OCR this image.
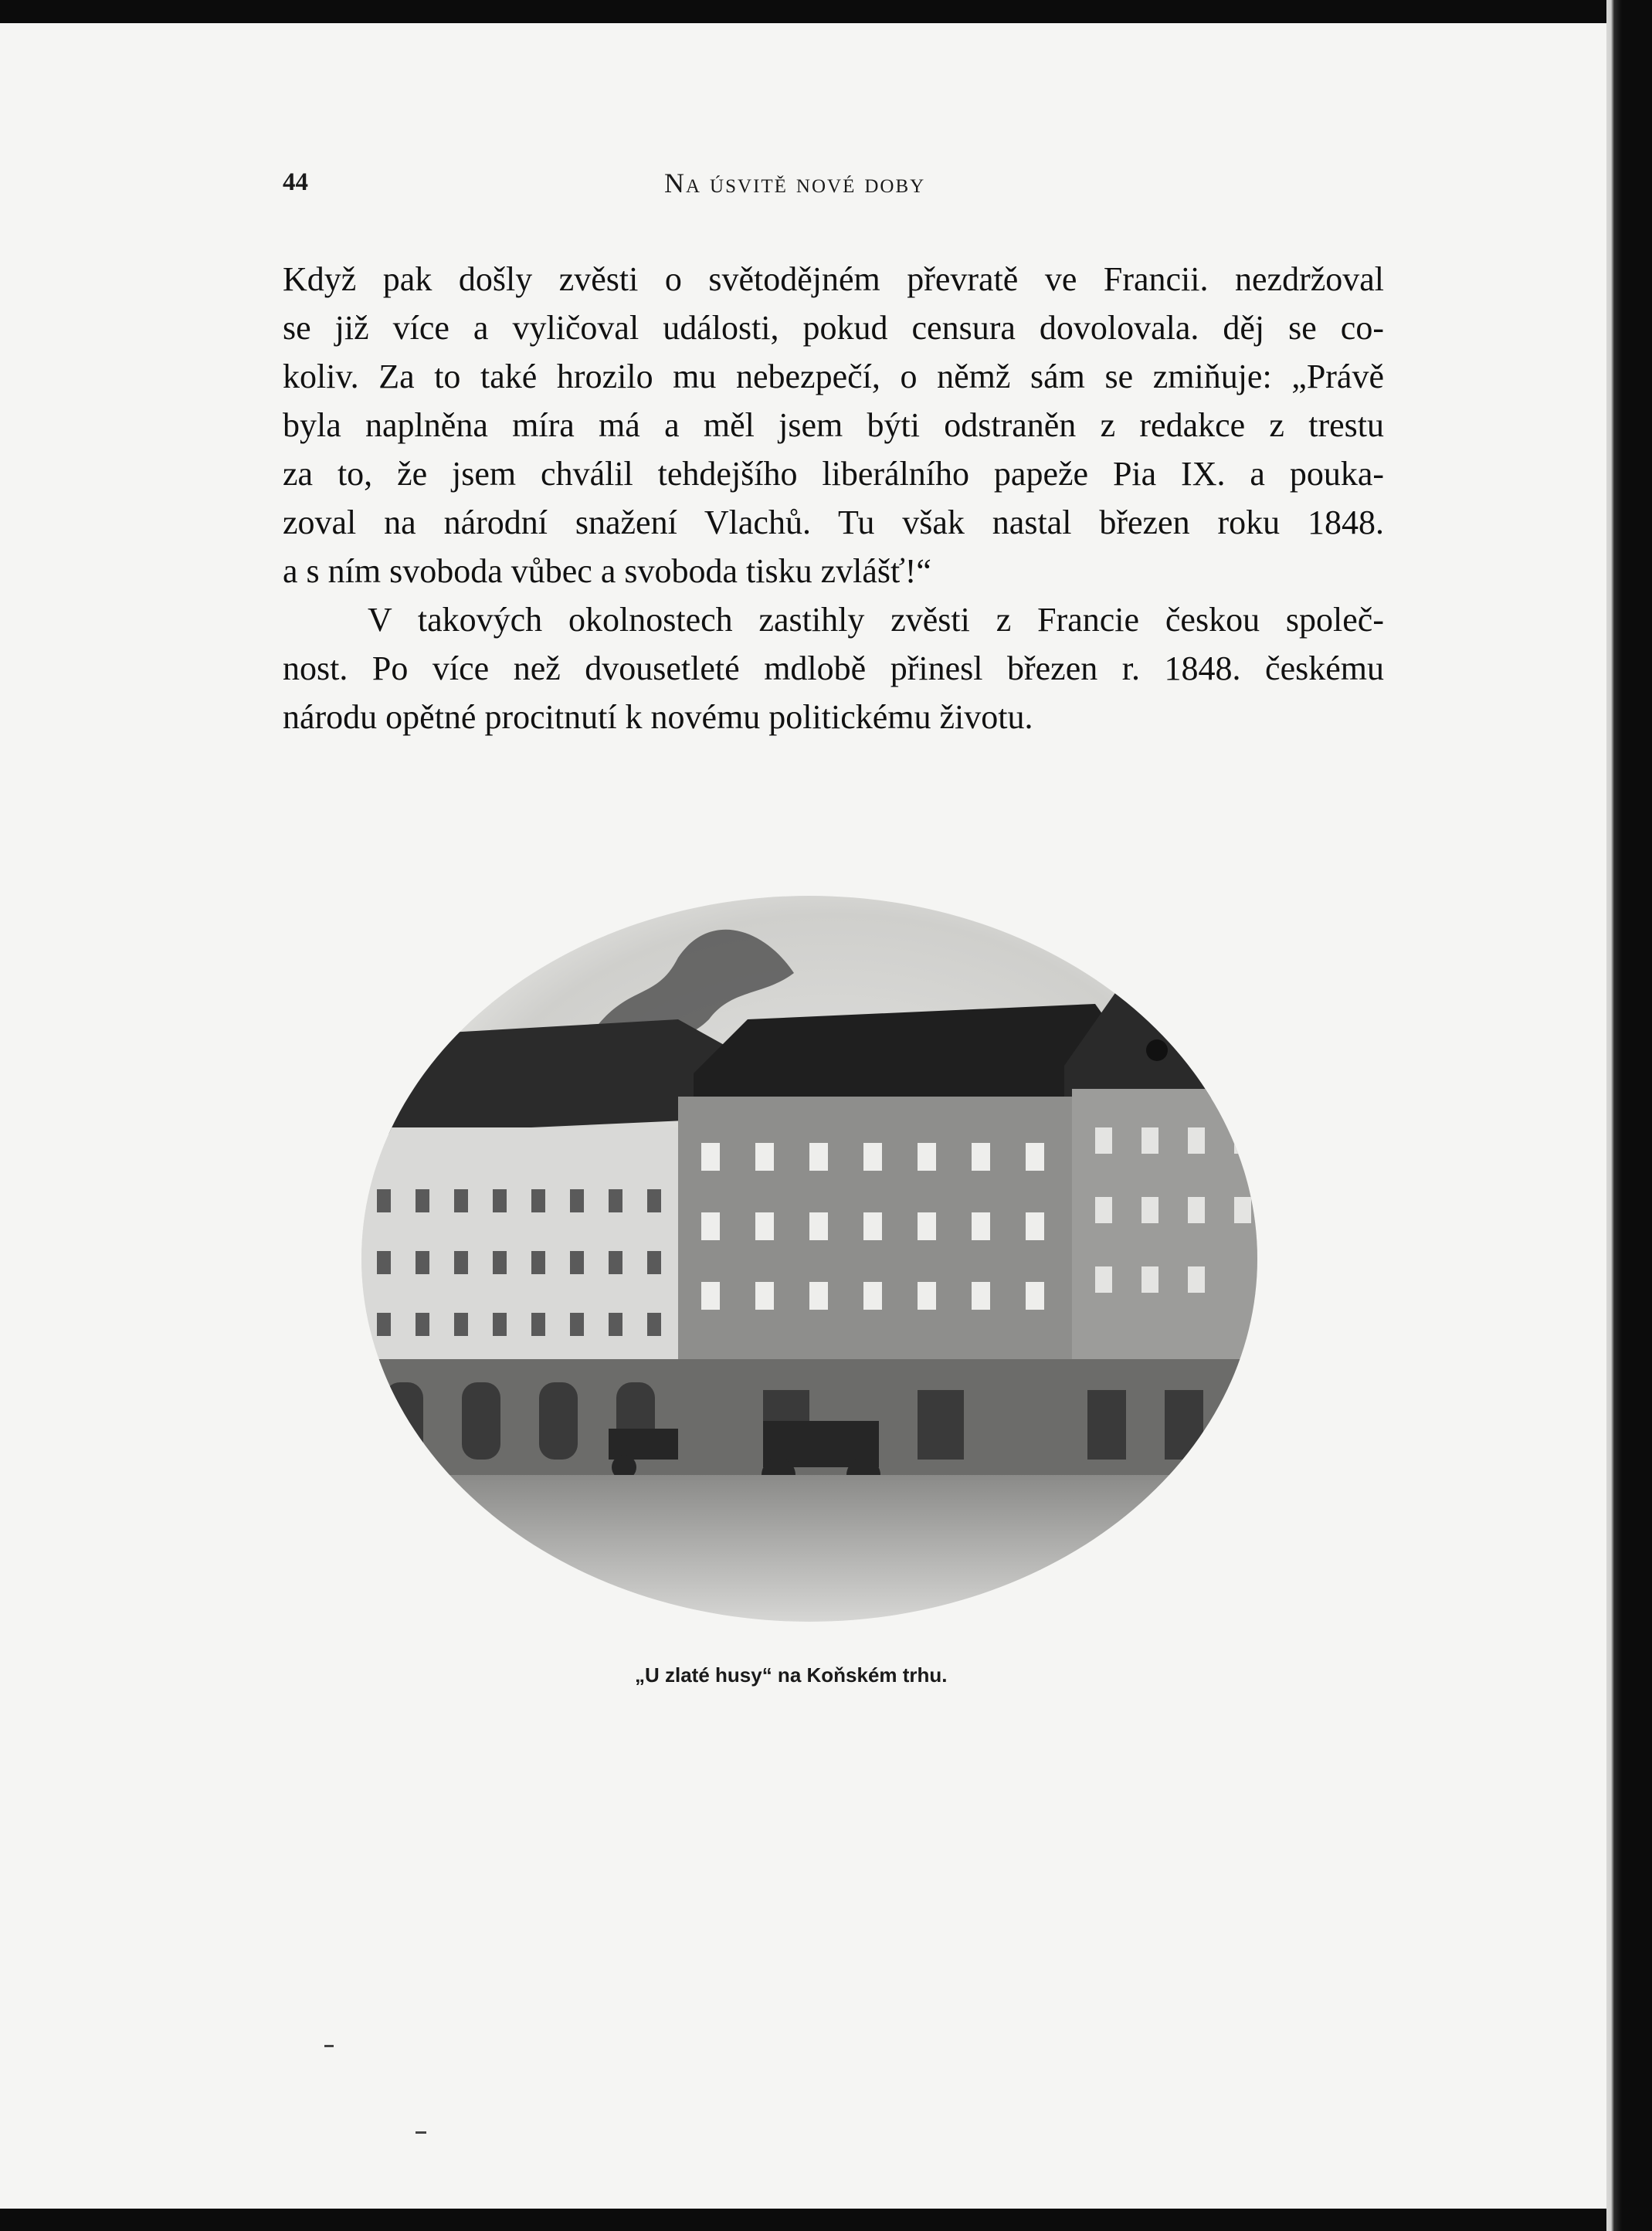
44	Na úsvitě nové doby
Když pak došly zvěsti o světodějném převratě ve Francii. nezdržoval
se již více a vyličoval události, pokud censura dovolovala. děj se co-
koliv. Za to také hrozilo mu nebezpečí, o němž sám se zmiňuje: „Právě
byla naplněna míra má a měl jsem býti odstraněn z redakce z trestu
za to, že jsem chválil tehdejšího liberálního papeže Pia IX. a pouka-
zoval na národní snažení Vlachů. Tu však nastal březen roku 1848.
a s ním svoboda vůbec a svoboda tisku zvlášť!“
V takových okolnostech zastihly zvěsti z Francie českou společ-
nost. Po více než dvousetleté mdlobě přinesl březen r. 1848. českému
národu opětné procitnutí k novému politickému životu.
„U zlaté husy“ na Koňském trhu.
